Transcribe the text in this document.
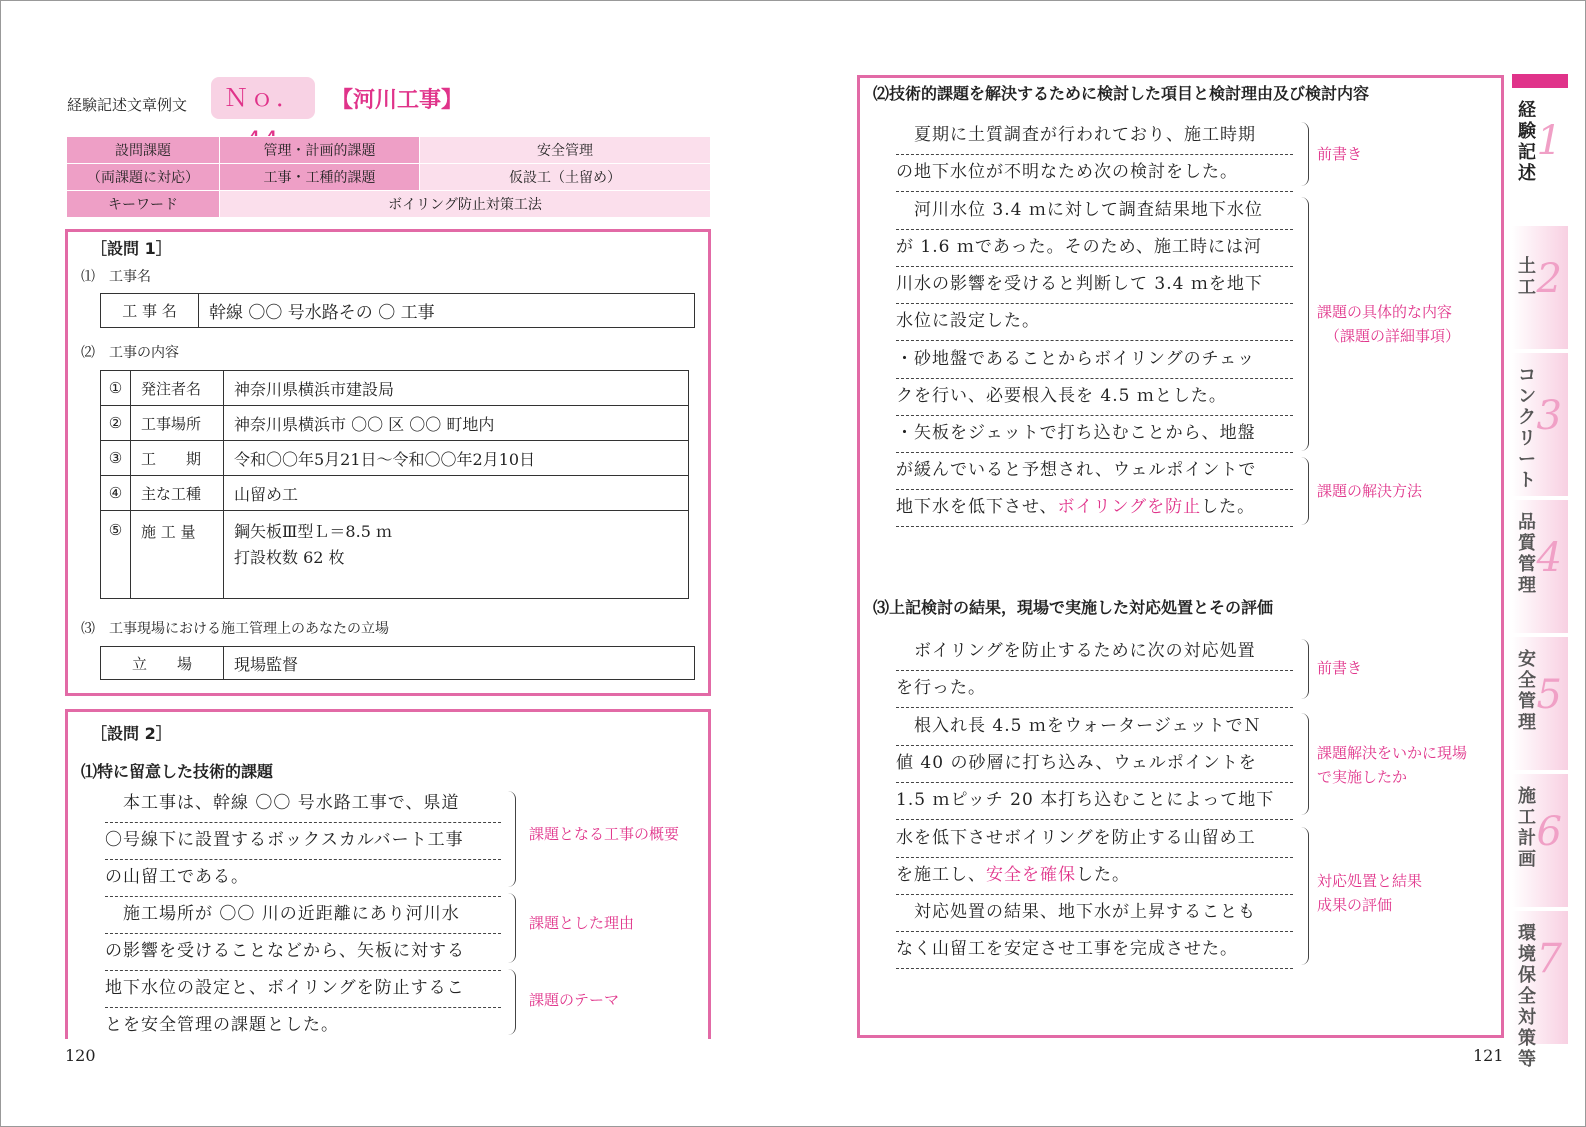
経験記述文章例文	Ｎｏ．	【河川工事】
設問課題	管理・計画的課題	安全管理
（両課題に対応）	工事・工種的課題	仮設工（土留め）
キーワード	ボイリング防止対策工法	
［設問 1］
⑴　工事名
工 事 名	幹線 〇〇 号水路その 〇 工事
⑵　工事の内容
①	発注者名	神奈川県横浜市建設局
②	工事場所	神奈川県横浜市 〇〇 区 〇〇 町地内
③	工　　期	令和〇〇年5月21日～令和〇〇年2月10日
④	主な工種	山留め工
⑤	施 工 量	鋼矢板Ⅲ型Ｌ＝8.5 ｍ
打設枚数 62 枚
⑶　工事現場における施工管理上のあなたの立場
立　　場	現場監督
［設問 2］
⑴特に留意した技術的課題
　本工事は、幹線 〇〇 号水路工事で、県道
〇号線下に設置するボックスカルバート工事
の山留工である。
　施工場所が 〇〇 川の近距離にあり河川水
の影響を受けることなどから、矢板に対する
地下水位の設定と、ボイリングを防止するこ
とを安全管理の課題とした。
課題となる工事の概要
課題とした理由
課題のテーマ
120
⑵技術的課題を解決するために検討した項目と検討理由及び検討内容
　夏期に土質調査が行われており、施工時期
の地下水位が不明なため次の検討をした。
　河川水位 3.4 ｍに対して調査結果地下水位
が 1.6 ｍであった。そのため、施工時には河
川水の影響を受けると判断して 3.4 ｍを地下
水位に設定した。
・砂地盤であることからボイリングのチェッ
クを行い、必要根入長を 4.5 ｍとした。
・矢板をジェットで打ち込むことから、地盤
が緩んでいると予想され、ウェルポイントで
地下水を低下させ、ボイリングを防止した。
前書き
課題の具体的な内容
（課題の詳細事項）
課題の解決方法
⑶上記検討の結果，現場で実施した対応処置とその評価
　ボイリングを防止するために次の対応処置
を行った。
　根入れ長 4.5 ｍをウォータージェットでＮ
値 40 の砂層に打ち込み、ウェルポイントを
1.5 ｍピッチ 20 本打ち込むことによって地下
水を低下させボイリングを防止する山留め工
を施工し、安全を確保した。
　対応処置の結果、地下水が上昇することも
なく山留工を安定させ工事を完成させた。
前書き
課題解決をいかに現場
で実施したか
対応処置と結果
成果の評価
121
経験記述
1
土工 2
コンクリート
3
品質管理
4
安全管理
5
施工計画
6
環境保全対策等
7
